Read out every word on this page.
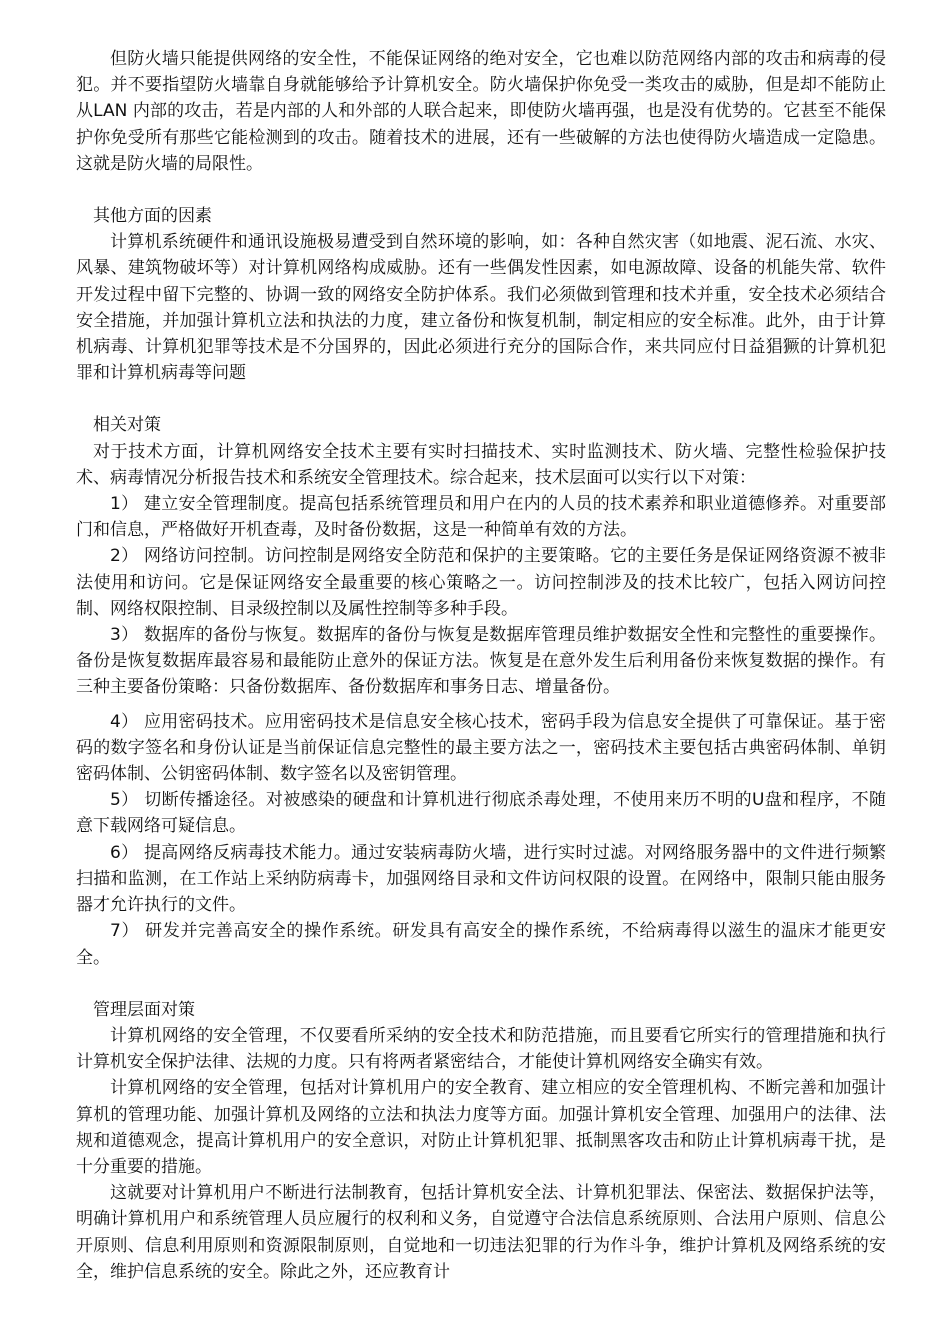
但防火墙只能提供网络的安全性，不能保证网络的绝对安全，它也难以防范网络内部的攻击和病毒的侵犯。并不要指望防火墙靠自身就能够给予计算机安全。防火墙保护你免受一类攻击的威胁，但是却不能防止从LAN 内部的攻击，若是内部的人和外部的人联合起来，即使防火墙再强，也是没有优势的。它甚至不能保护你免受所有那些它能检测到的攻击。随着技术的进展，还有一些破解的方法也使得防火墙造成一定隐患。这就是防火墙的局限性。

其他方面的因素

计算机系统硬件和通讯设施极易遭受到自然环境的影响，如：各种自然灾害（如地震、泥石流、水灾、风暴、建筑物破坏等）对计算机网络构成威胁。还有一些偶发性因素，如电源故障、设备的机能失常、软件开发过程中留下完整的、协调一致的网络安全防护体系。我们必须做到管理和技术并重，安全技术必须结合安全措施，并加强计算机立法和执法的力度，建立备份和恢复机制，制定相应的安全标准。此外，由于计算机病毒、计算机犯罪等技术是不分国界的，因此必须进行充分的国际合作，来共同应付日益猖獗的计算机犯罪和计算机病毒等问题

相关对策

对于技术方面，计算机网络安全技术主要有实时扫描技术、实时监测技术、防火墙、完整性检验保护技术、病毒情况分析报告技术和系统安全管理技术。综合起来，技术层面可以实行以下对策：

1） 建立安全管理制度。提高包括系统管理员和用户在内的人员的技术素养和职业道德修养。对重要部门和信息，严格做好开机查毒，及时备份数据，这是一种简单有效的方法。

2） 网络访问控制。访问控制是网络安全防范和保护的主要策略。它的主要任务是保证网络资源不被非法使用和访问。它是保证网络安全最重要的核心策略之一。访问控制涉及的技术比较广，包括入网访问控制、网络权限控制、目录级控制以及属性控制等多种手段。

3） 数据库的备份与恢复。数据库的备份与恢复是数据库管理员维护数据安全性和完整性的重要操作。备份是恢复数据库最容易和最能防止意外的保证方法。恢复是在意外发生后利用备份来恢复数据的操作。有三种主要备份策略：只备份数据库、备份数据库和事务日志、增量备份。

4） 应用密码技术。应用密码技术是信息安全核心技术，密码手段为信息安全提供了可靠保证。基于密码的数字签名和身份认证是当前保证信息完整性的最主要方法之一，密码技术主要包括古典密码体制、单钥密码体制、公钥密码体制、数字签名以及密钥管理。

5） 切断传播途径。对被感染的硬盘和计算机进行彻底杀毒处理，不使用来历不明的U盘和程序，不随意下载网络可疑信息。

6） 提高网络反病毒技术能力。通过安装病毒防火墙，进行实时过滤。对网络服务器中的文件进行频繁扫描和监测，在工作站上采纳防病毒卡，加强网络目录和文件访问权限的设置。在网络中，限制只能由服务器才允许执行的文件。

7） 研发并完善高安全的操作系统。研发具有高安全的操作系统，不给病毒得以滋生的温床才能更安全。

管理层面对策

计算机网络的安全管理，不仅要看所采纳的安全技术和防范措施，而且要看它所实行的管理措施和执行计算机安全保护法律、法规的力度。只有将两者紧密结合，才能使计算机网络安全确实有效。

计算机网络的安全管理，包括对计算机用户的安全教育、建立相应的安全管理机构、不断完善和加强计算机的管理功能、加强计算机及网络的立法和执法力度等方面。加强计算机安全管理、加强用户的法律、法规和道德观念，提高计算机用户的安全意识，对防止计算机犯罪、抵制黑客攻击和防止计算机病毒干扰，是十分重要的措施。

这就要对计算机用户不断进行法制教育，包括计算机安全法、计算机犯罪法、保密法、数据保护法等，明确计算机用户和系统管理人员应履行的权利和义务，自觉遵守合法信息系统原则、合法用户原则、信息公开原则、信息利用原则和资源限制原则，自觉地和一切违法犯罪的行为作斗争，维护计算机及网络系统的安全，维护信息系统的安全。除此之外，还应教育计
